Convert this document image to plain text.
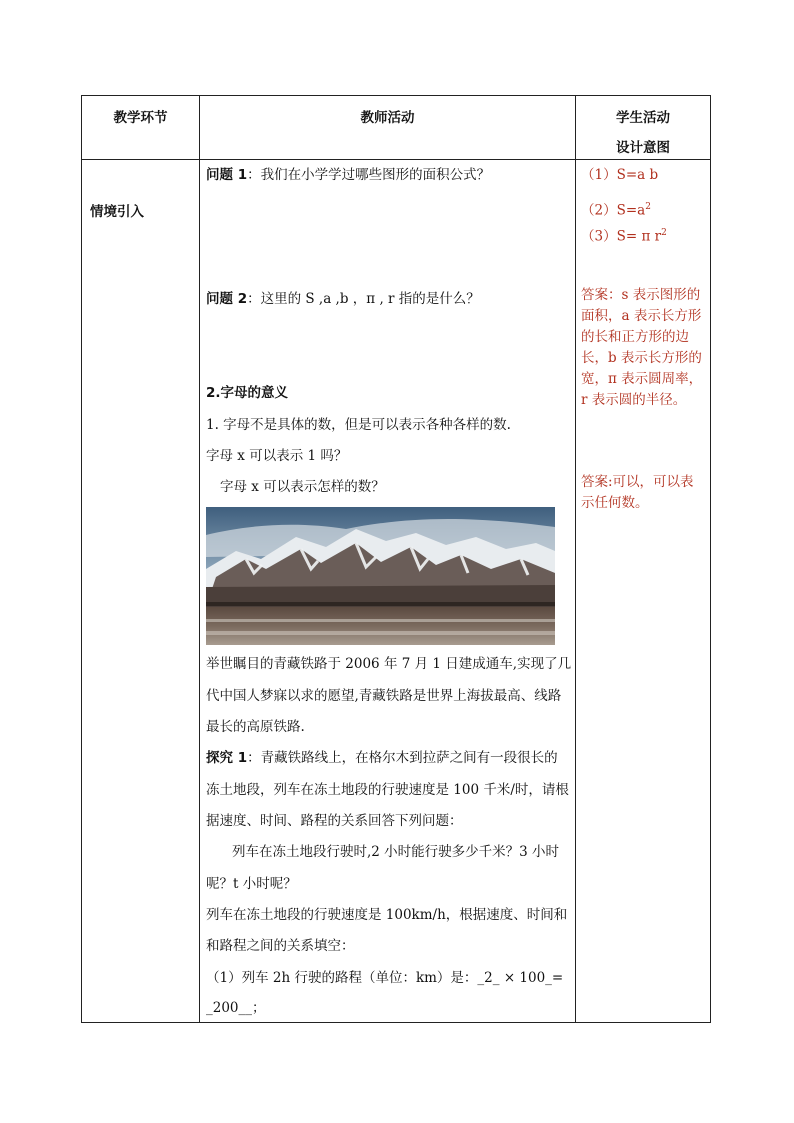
教学环节	教师活动	学生活动
设计意图
情境引入
问题 1：我们在小学学过哪些图形的面积公式？
问题 2：这里的 S ,a ,b ，π , r 指的是什么？
2.字母的意义
1. 字母不是具体的数，但是可以表示各种各样的数.
字母 x 可以表示 1 吗？
字母 x 可以表示怎样的数？
举世瞩目的青藏铁路于 2006 年 7 月 1 日建成通车,实现了几
代中国人梦寐以求的愿望,青藏铁路是世界上海拔最高、线路
最长的高原铁路.
探究 1：青藏铁路线上，在格尔木到拉萨之间有一段很长的
冻土地段，列车在冻土地段的行驶速度是 100 千米/时，请根
据速度、时间、路程的关系回答下列问题：
列车在冻土地段行驶时,2 小时能行驶多少千米？3 小时
呢？t 小时呢？
列车在冻土地段的行驶速度是 100km/h，根据速度、时间和
和路程之间的关系填空：
（1）列车 2h 行驶的路程（单位：km）是：_2_ × 100_=
_200__；
（1）S=a b
$(2)S=a^2$
（3）S= π $r^2$
答案：s 表示图形的
面积，a 表示长方形
的长和正方形的边
长，b 表示长方形的
宽，π 表示圆周率，
r 表示圆的半径。
答案:可以，可以表
示任何数。
